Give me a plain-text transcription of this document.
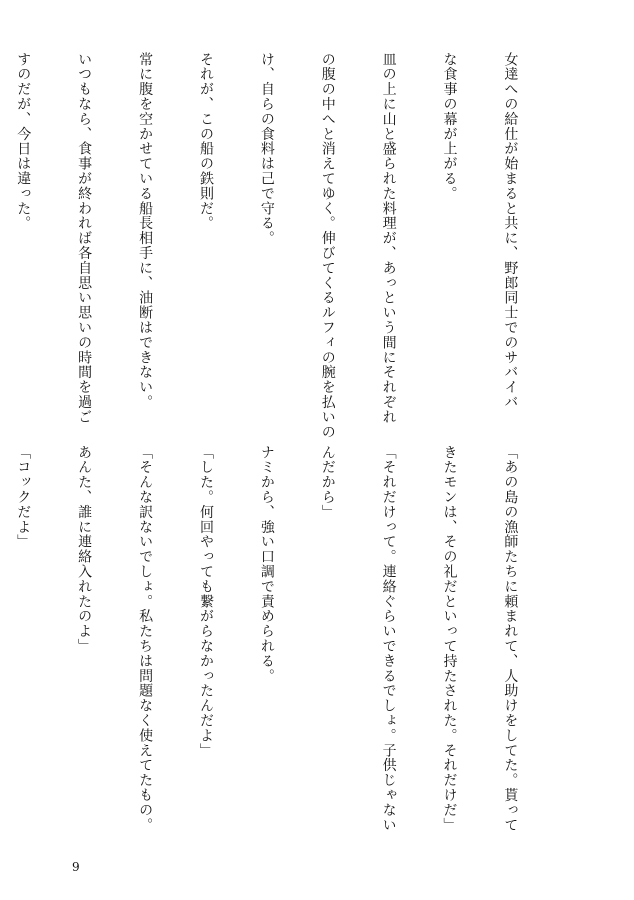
女達への給仕が始まると共に、野郎同士でのサバイバ

な食事の幕が上がる。

皿の上に山と盛られた料理が、あっという間にそれぞれ

の腹の中へと消えてゆく。伸びてくるルフィの腕を払いの

け、自らの食料は己で守る。

それが、この船の鉄則だ。

常に腹を空かせている船長相手に、油断はできない。

いつもなら、食事が終われば各自思い思いの時間を過ご

すのだが、今日は違った。

「あの島の漁師たちに頼まれて、人助けをしてた。貰って

きたモンは、その礼だといって持たされた。それだけだ」

「それだけって。連絡ぐらいできるでしょ。子供じゃない

んだから」

ナミから、強い口調で責められる。

「した。何回やっても繋がらなかったんだよ」

「そんな訳ないでしょ。私たちは問題なく使えてたもの。

あんた、誰に連絡入れたのよ」

「コックだよ」

9
